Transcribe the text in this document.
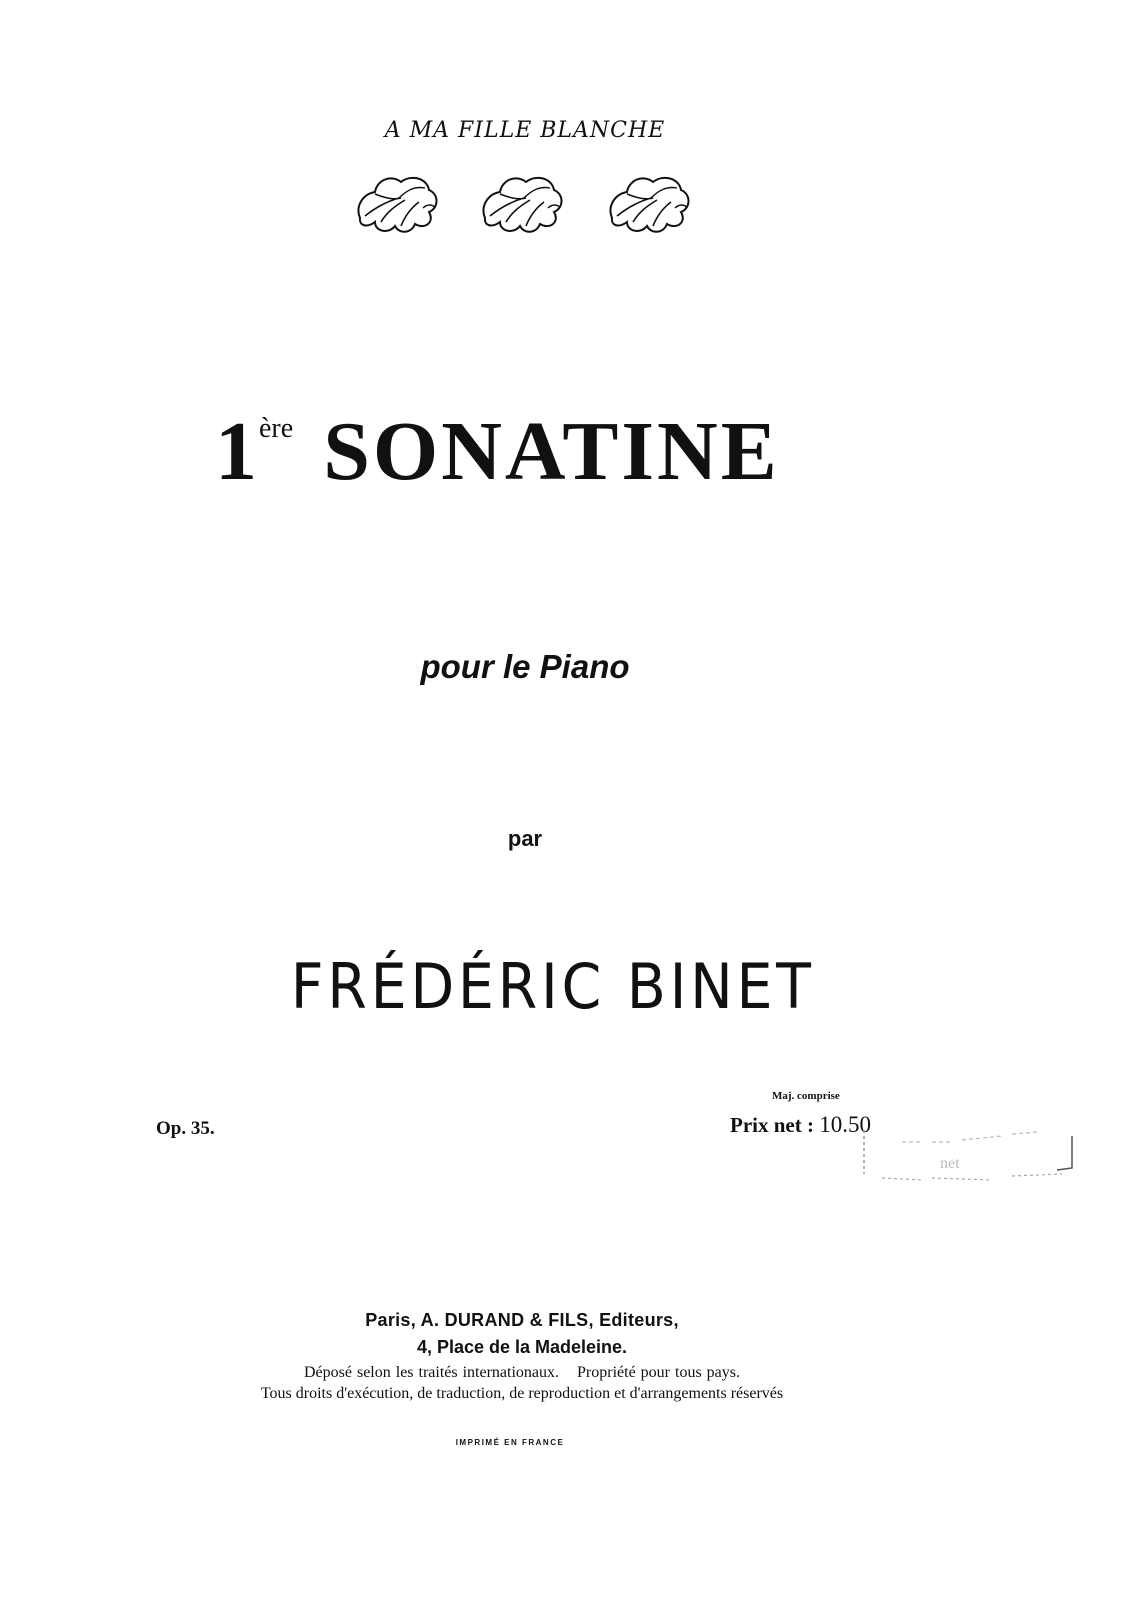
A MA FILLE BLANCHE
1ère SONATINE
pour le Piano
par
FRÉDÉRIC BINET
Op. 35.
Maj. comprise
Prix net : 10.50
net
Paris, A. DURAND & FILS, Editeurs,
4, Place de la Madeleine.
Déposé selon les traités internationaux. Propriété pour tous pays.
Tous droits d'exécution, de traduction, de reproduction et d'arrangements réservés
IMPRIMÉ EN FRANCE
